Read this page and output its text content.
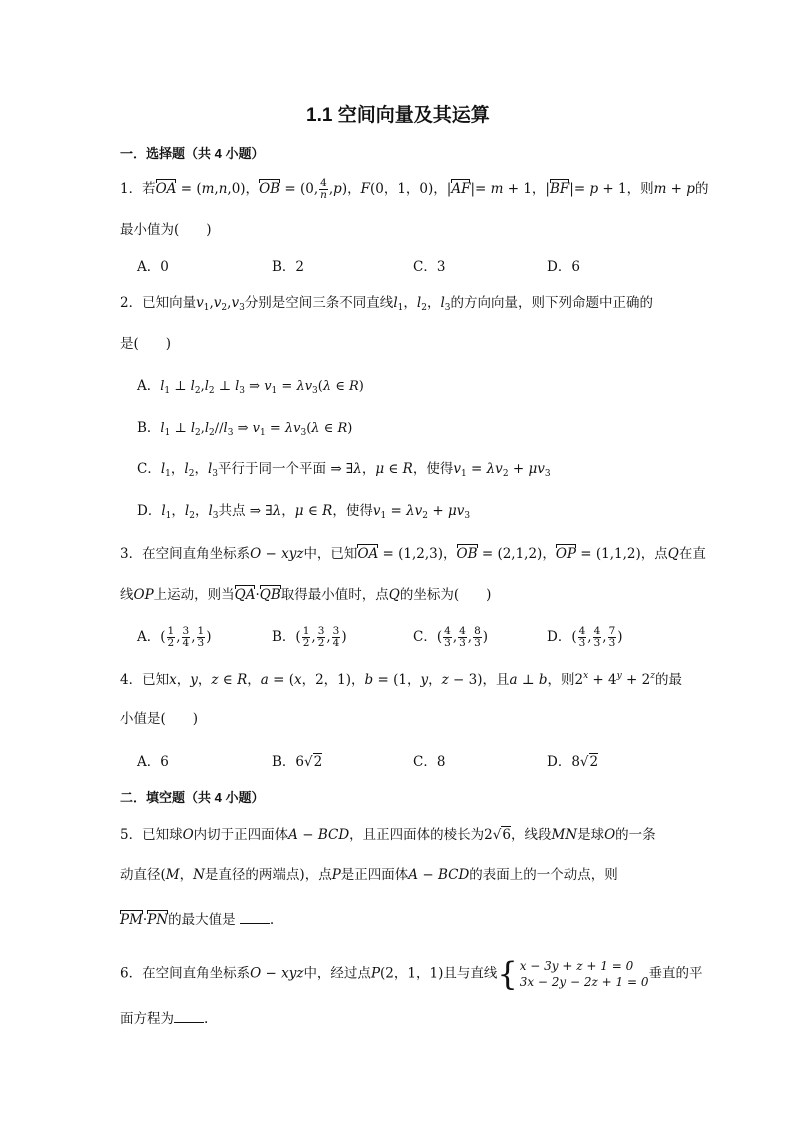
1.1 空间向量及其运算
一．选择题（共 4 小题）
1．若OA = (m,n,0)，OB = (0, $\frac{4}{n} ,p$)，F(0，1，0)，|AF|= m + 1，|BF|= p + 1，则m + p的
最小值为(　　)
A．0	B．2	C．3	D．6
2．已知向量$v_1,v_2,v_3$分别是空间三条不同直线$l_1$，$l_2$，$l_3$的方向向量，则下列命题中正确的
是(　　)
A．$l_1$ ⊥ $l_2,l_2$ ⊥ $l_3$ ⇒ $v_1 = \lambda v_3(\lambda$ ∈ R)
B．$l_1$ ⊥ $l_2,l_2//l_3$ ⇒ $v_1 = \lambda v_3(\lambda$ ∈ R)
C．$l_1$，$l_2$，$l_3$平行于同一个平面 ⇒ ∃λ，μ ∈ R，使得$v_1 = \lambda v_2 + \mu v_3$
D．$l_1$，$l_2$，$l_3$共点 ⇒ ∃λ，μ ∈ R，使得$v_1 = \lambda v_2 + \mu v_3$
3．在空间直角坐标系O − xyz中，已知OA = (1,2,3)，OB = (2,1,2)，OP = (1,1,2)，点Q在直
线OP上运动，则当QA·QB取得最小值时，点Q的坐标为(　　)
A．( $\frac{1}{2}$ , $\frac{3}{4}$ , $\frac{1}{3}$ )	B．( $\frac{1}{2}$ , $\frac{3}{2}$ , $\frac{3}{4}$ )	C．( $\frac{4}{3}$ , $\frac{4}{3}$ , $\frac{8}{3}$ )	D．( $\frac{4}{3}$ , $\frac{4}{3}$ , $\frac{7}{3}$ )
4．已知x，y，z ∈ R，a = (x，2，1)，b = (1，y，z − 3)，且a ⊥ b，则$2^x + 4^y + 2^z$的最
小值是(　　)
A．6	B．6√2	C．8	D．8√2
二．填空题（共 4 小题）
5．已知球O内切于正四面体A − BCD，且正四面体的棱长为2√6，线段MN是球O的一条
动直径(M，N是直径的两端点)，点P是正四面体A − BCD的表面上的一个动点，则
PM·PN的最大值是	.
6．在空间直角坐标系O − xyz中，经过点P(2，1，1)且与直线 { x − 3y + z + 1 = 0
3x − 2y − 2z + 1 = 0
垂直的平
面方程为 .
